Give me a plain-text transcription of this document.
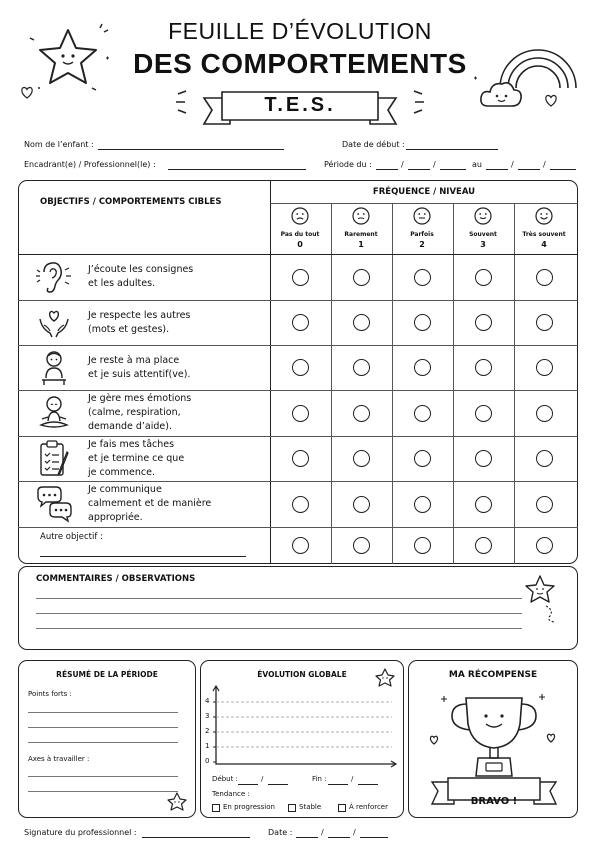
FEUILLE D’ÉVOLUTION
DES COMPORTEMENTS
T.E.S.
Nom de l’enfant :	Date de début :
Encadrant(e) / Professionnel(le) :	Période du :	/	/	au	/	/
OBJECTIFS / COMPORTEMENTS CIBLES
FRÉQUENCE / NIVEAU
Pas du tout
0
Rarement
1
Parfois
2
Souvent
3
Très souvent
4
J’écoute les consignes
et les adultes.
Je respecte les autres
(mots et gestes).
Je reste à ma place
et je suis attentif(ve).
Je gère mes émotions
(calme, respiration,
demande d’aide).
Je fais mes tâches
et je termine ce que
je commence.
Je communique
calmement et de manière
appropriée.
Autre objectif :
COMMENTAIRES / OBSERVATIONS
RÉSUMÉ DE LA PÉRIODE
Points forts :
Axes à travailler :
ÉVOLUTION GLOBALE
4
3
2
1
0
Début :	/	Fin :	/
Tendance :
En progression	Stable	À renforcer
MA RÉCOMPENSE
BRAVO !
Signature du professionnel :	Date :	/	/
